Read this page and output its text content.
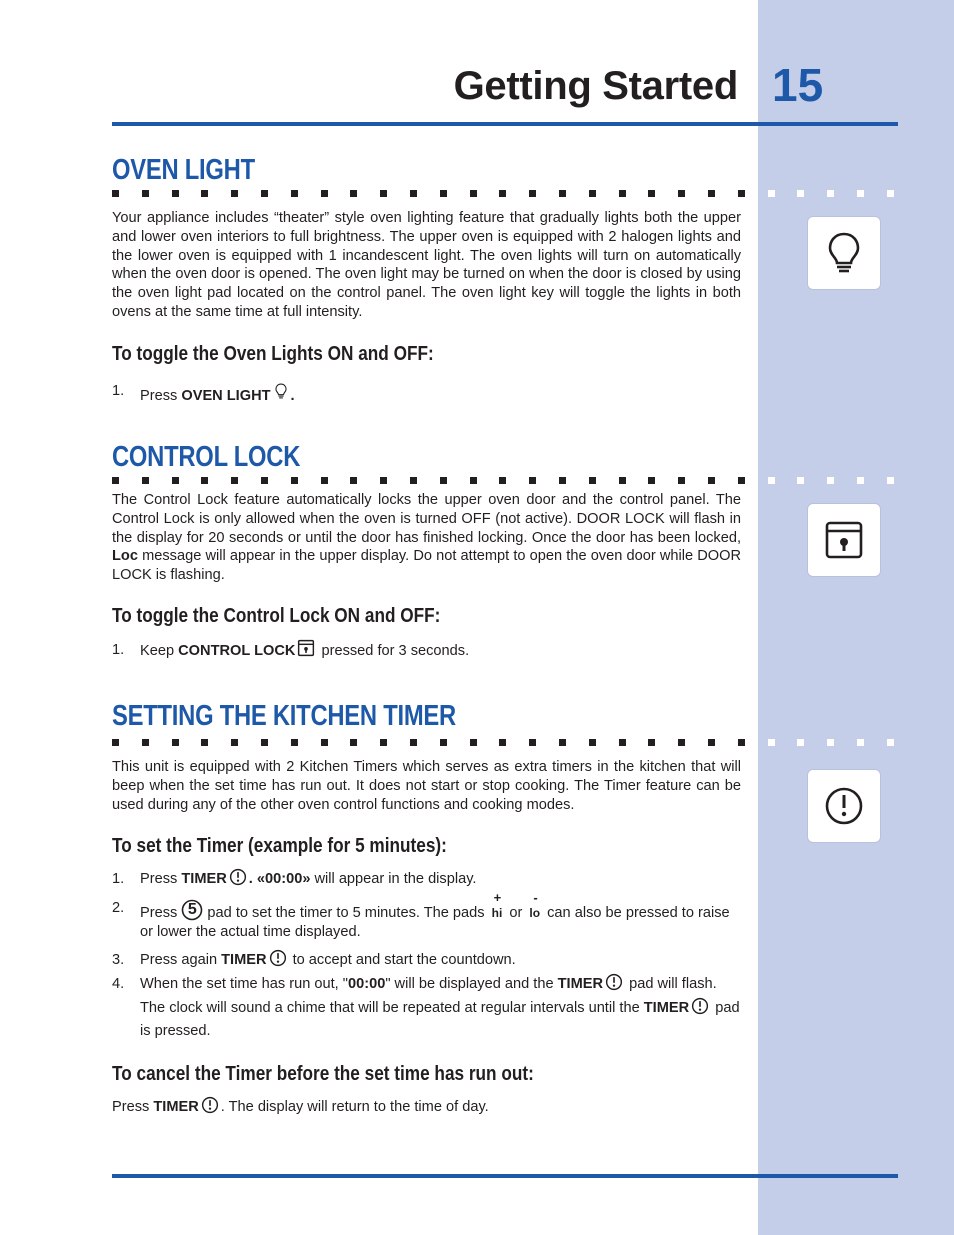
Getting Started 15
OVEN LIGHT

Your appliance includes “theater” style oven lighting feature that gradually lights both the upper and lower oven interiors to full brightness. The upper oven is equipped with 2 halogen lights and the lower oven is equipped with 1 incandescent light. The oven lights will turn on automatically when the oven door is opened. The oven light may be turned on when the door is closed by using the oven light pad located on the control panel. The oven light key will toggle the lights in both ovens at the same time at full intensity.

To toggle the Oven Lights ON and OFF:
1. Press OVEN LIGHT .
CONTROL LOCK

The Control Lock feature automatically locks the upper oven door and the control panel. The Control Lock is only allowed when the oven is turned OFF (not active). DOOR LOCK will flash in the display for 20 seconds or until the door has finished locking. Once the door has been locked, Loc message will appear in the upper display. Do not attempt to open the oven door while DOOR LOCK is flashing.

To toggle the Control Lock ON and OFF:
1. Keep CONTROL LOCK pressed for 3 seconds.
SETTING THE KITCHEN TIMER

This unit is equipped with 2 Kitchen Timers which serves as extra timers in the kitchen that will beep when the set time has run out. It does not start or stop cooking. The Timer feature can be used during any of the other oven control functions and cooking modes.

To set the Timer (example for 5 minutes):
1. Press TIMER . «00:00» will appear in the display.
2. Press 5 pad to set the timer to 5 minutes. The pads
+
hi or
-
lo can also be pressed to raise or lower the actual time displayed.
3. Press again TIMER to accept and start the countdown.
4. When the set time has run out, "00:00" will be displayed and the TIMER pad will flash. The clock will sound a chime that will be repeated at regular intervals until the TIMER pad is pressed.
To cancel the Timer before the set time has run out:
Press TIMER . The display will return to the time of day.
